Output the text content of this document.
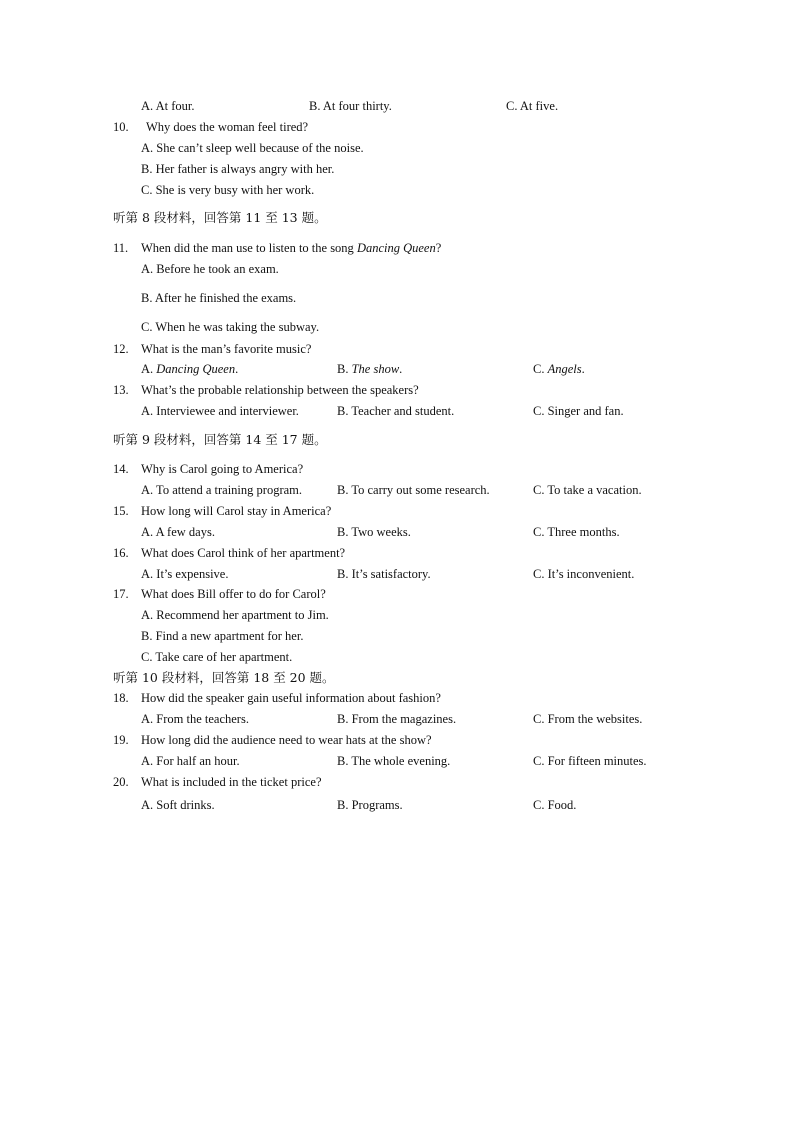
A. At four.	B. At four thirty.	C. At five.
10. Why does the woman feel tired?
A. She can’t sleep well because of the noise.
B. Her father is always angry with her.
C. She is very busy with her work.
听第 8 段材料，回答第 11 至 13 题。
11. When did the man use to listen to the song Dancing Queen?
A. Before he took an exam.
B. After he finished the exams.
C. When he was taking the subway.
12. What is the man’s favorite music?
A. Dancing Queen.	B. The show.	C. Angels.
13. What’s the probable relationship between the speakers?
A. Interviewee and interviewer.	B. Teacher and student.	C. Singer and fan.
听第 9 段材料，回答第 14 至 17 题。
14. Why is Carol going to America?
A. To attend a training program.	B. To carry out some research.	C. To take a vacation.
15. How long will Carol stay in America?
A. A few days.	B. Two weeks.	C. Three months.
16. What does Carol think of her apartment?
A. It’s expensive.	B. It’s satisfactory.	C. It’s inconvenient.
17. What does Bill offer to do for Carol?
A. Recommend her apartment to Jim.
B. Find a new apartment for her.
C. Take care of her apartment.
听第 10 段材料，回答第 18 至 20 题。
18. How did the speaker gain useful information about fashion?
A. From the teachers.	B. From the magazines.	C. From the websites.
19. How long did the audience need to wear hats at the show?
A. For half an hour.	B. The whole evening.	C. For fifteen minutes.
20. What is included in the ticket price?
A. Soft drinks.	B. Programs.	C. Food.
